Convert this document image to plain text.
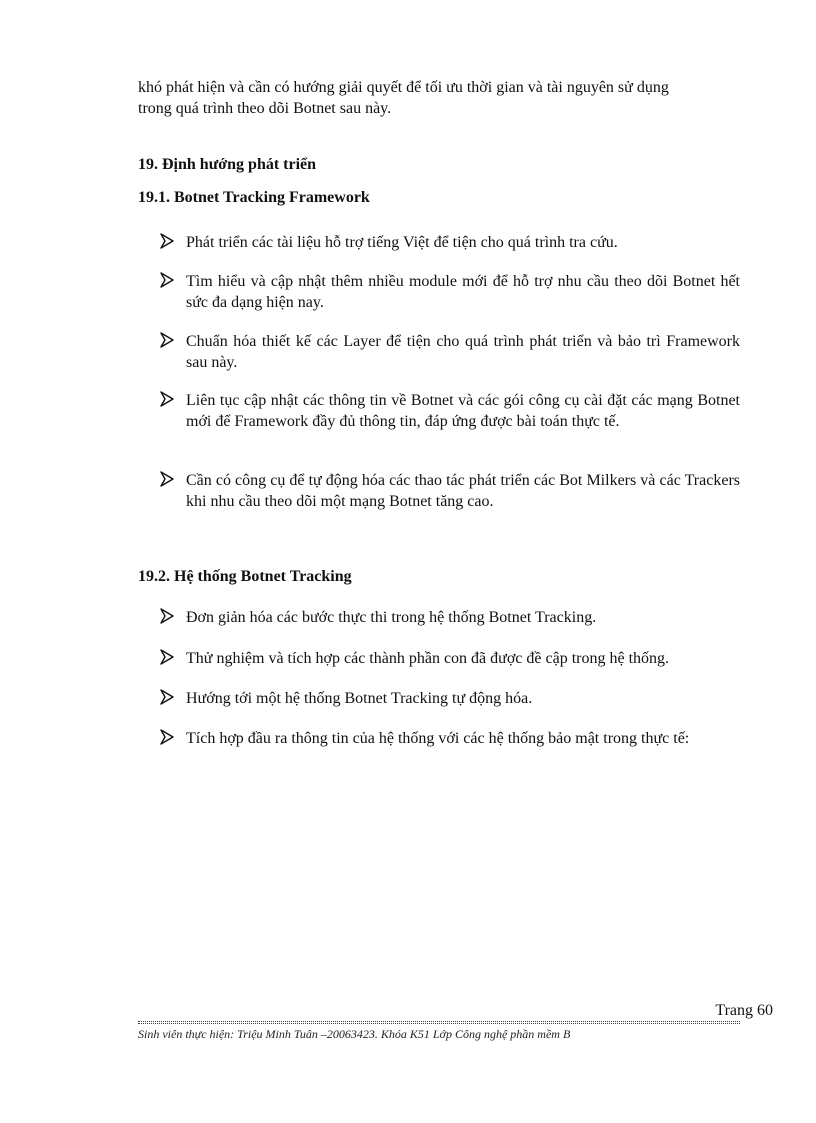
khó phát hiện và cần có hướng giải quyết để tối ưu thời gian và tài nguyên sử dụng
trong quá trình theo dõi Botnet sau này.
19. Định hướng phát triển
19.1. Botnet Tracking Framework
Phát triển các tài liệu hỗ trợ tiếng Việt để tiện cho quá trình tra cứu.
Tìm hiểu và cập nhật thêm nhiều module mới để hỗ trợ nhu cầu theo dõi Botnet hết sức đa dạng hiện nay.
Chuẩn hóa thiết kế các Layer để tiện cho quá trình phát triển và bảo trì Framework sau này.
Liên tục cập nhật các thông tin về Botnet và các gói công cụ cài đặt các mạng Botnet mới để Framework đầy đủ thông tin, đáp ứng được bài toán thực tế.
Cần có công cụ để tự động hóa các thao tác phát triển các Bot Milkers và các Trackers khi nhu cầu theo dõi một mạng Botnet tăng cao.
19.2. Hệ thống Botnet Tracking
Đơn giản hóa các bước thực thi trong hệ thống Botnet Tracking.
Thử nghiệm và tích hợp các thành phần con đã được đề cập trong hệ thống.
Hướng tới một hệ thống Botnet Tracking tự động hóa.
Tích hợp đầu ra thông tin của hệ thống với các hệ thống bảo mật trong thực tế:
Trang 60
Sinh viên thực hiện: Triệu Minh Tuân –20063423. Khóa K51 Lớp Công nghệ phần mềm B
